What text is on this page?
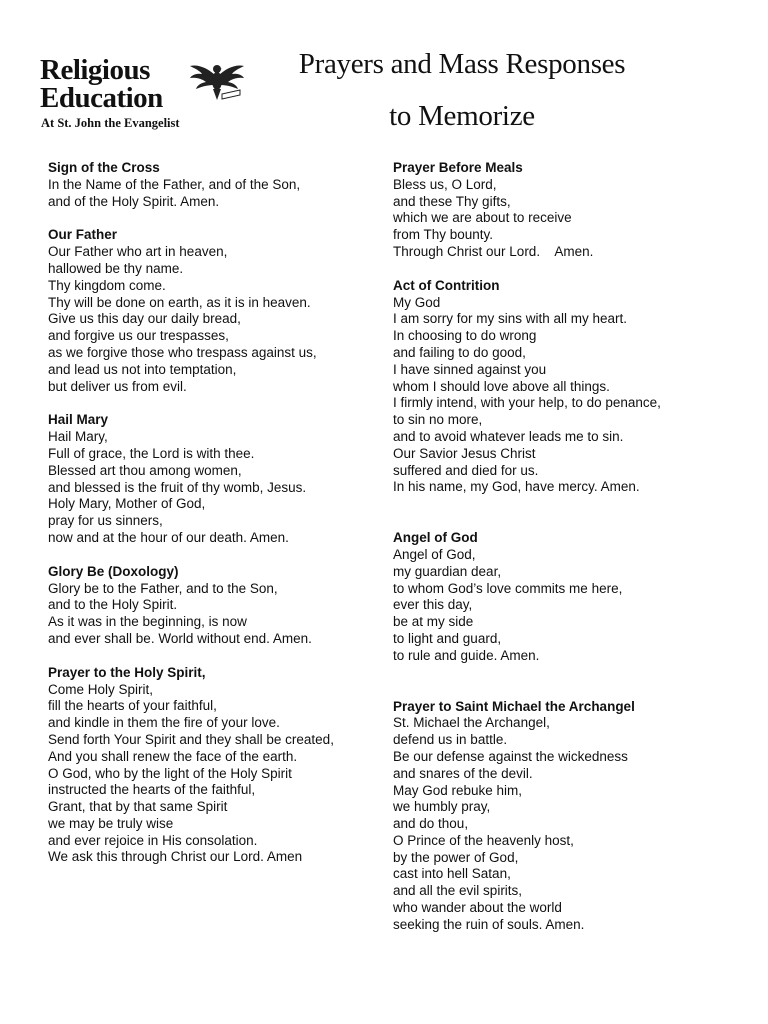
Religious
Education
At St. John the Evangelist
Prayers and Mass Responses
to Memorize
Sign of the Cross
In the Name of the Father, and of the Son,
and of the Holy Spirit. Amen.
Our Father
Our Father who art in heaven,
hallowed be thy name.
Thy kingdom come.
Thy will be done on earth, as it is in heaven.
Give us this day our daily bread,
and forgive us our trespasses,
as we forgive those who trespass against us,
and lead us not into temptation,
but deliver us from evil.
Hail Mary
Hail Mary,
Full of grace, the Lord is with thee.
Blessed art thou among women,
and blessed is the fruit of thy womb, Jesus.
Holy Mary, Mother of God,
pray for us sinners,
now and at the hour of our death. Amen.
Glory Be (Doxology)
Glory be to the Father, and to the Son,
and to the Holy Spirit.
As it was in the beginning, is now
and ever shall be. World without end. Amen.
Prayer to the Holy Spirit,
Come Holy Spirit,
fill the hearts of your faithful,
and kindle in them the fire of your love.
Send forth Your Spirit and they shall be created,
And you shall renew the face of the earth.
O God, who by the light of the Holy Spirit
instructed the hearts of the faithful,
Grant, that by that same Spirit
we may be truly wise
and ever rejoice in His consolation.
We ask this through Christ our Lord. Amen
Prayer Before Meals
Bless us, O Lord,
and these Thy gifts,
which we are about to receive
from Thy bounty.
Through Christ our Lord.    Amen.
Act of Contrition
My God
I am sorry for my sins with all my heart.
In choosing to do wrong
and failing to do good,
I have sinned against you
whom I should love above all things.
I firmly intend, with your help, to do penance,
to sin no more,
and to avoid whatever leads me to sin.
Our Savior Jesus Christ
suffered and died for us.
In his name, my God, have mercy. Amen.
Angel of God
Angel of God,
my guardian dear,
to whom God’s love commits me here,
ever this day,
be at my side
to light and guard,
to rule and guide. Amen.
Prayer to Saint Michael the Archangel
St. Michael the Archangel,
defend us in battle.
Be our defense against the wickedness
and snares of the devil.
May God rebuke him,
we humbly pray,
and do thou,
O Prince of the heavenly host,
by the power of God,
cast into hell Satan,
and all the evil spirits,
who wander about the world
seeking the ruin of souls. Amen.
